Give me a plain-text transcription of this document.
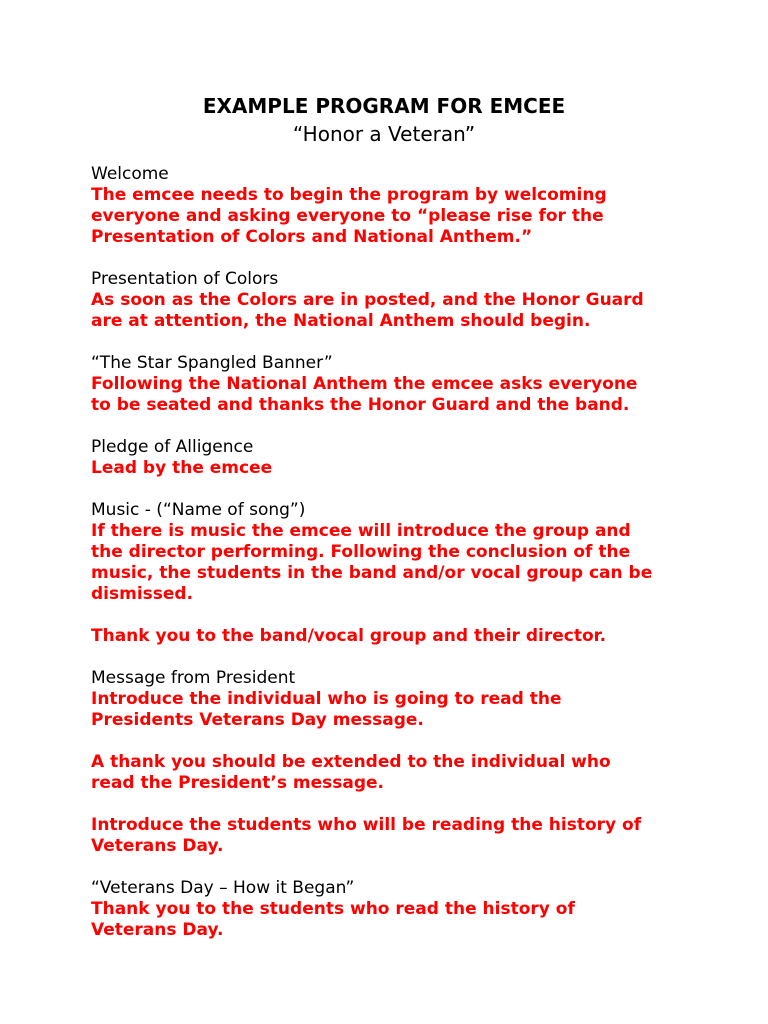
EXAMPLE PROGRAM FOR EMCEE
“Honor a Veteran”
Welcome
The emcee needs to begin the program by welcoming
everyone and asking everyone to “please rise for the
Presentation of Colors and National Anthem.”
Presentation of Colors
As soon as the Colors are in posted, and the Honor Guard
are at attention, the National Anthem should begin.
“The Star Spangled Banner”
Following the National Anthem the emcee asks everyone
to be seated and thanks the Honor Guard and the band.
Pledge of Alligence
Lead by the emcee
Music - (“Name of song”)
If there is music the emcee will introduce the group and
the director performing. Following the conclusion of the
music, the students in the band and/or vocal group can be
dismissed.
Thank you to the band/vocal group and their director.
Message from President
Introduce the individual who is going to read the
Presidents Veterans Day message.
A thank you should be extended to the individual who
read the President’s message.
Introduce the students who will be reading the history of
Veterans Day.
“Veterans Day – How it Began”
Thank you to the students who read the history of
Veterans Day.
